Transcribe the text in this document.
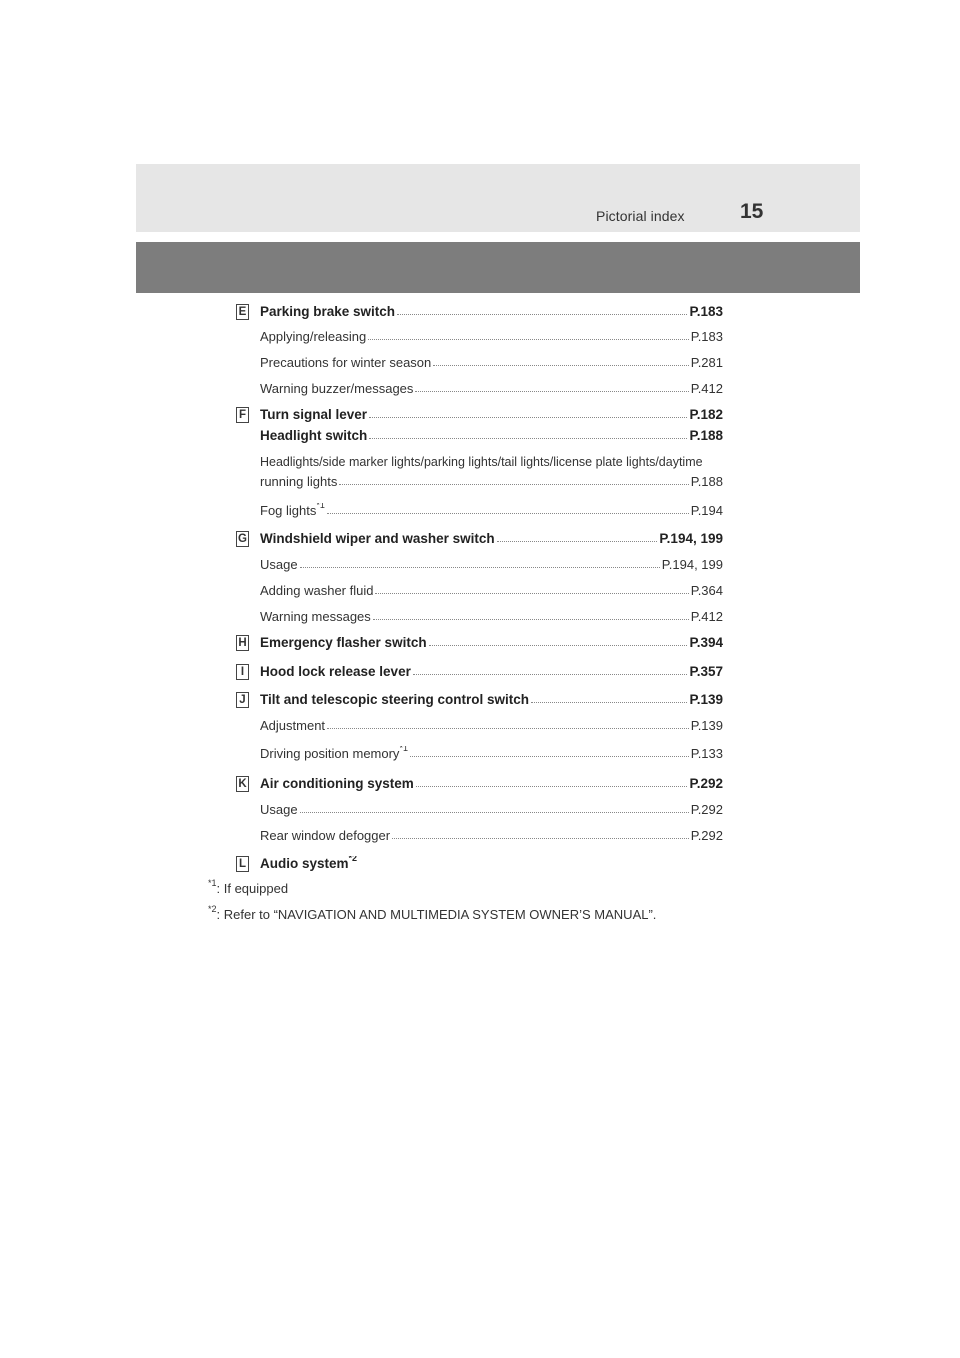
Pictorial index	15
E Parking brake switch	P.183
Applying/releasing	P.183
Precautions for winter season	P.281
Warning buzzer/messages	P.412
F Turn signal lever	P.182
Headlight switch	P.188
Headlights/side marker lights/parking lights/tail lights/license plate lights/daytime
running lights	P.188
Fog lights$^{*1}$	P.194
G Windshield wiper and washer switch	P.194, 199
Usage	P.194, 199
Adding washer fluid	P.364
Warning messages	P.412
H Emergency flasher switch	P.394
I	Hood lock release lever	P.357
J Tilt and telescopic steering control switch	P.139
Adjustment	P.139
Driving position memory$^{*1}$	P.133
K Air conditioning system	P.292
Usage	P.292
Rear window defogger	P.292
L Audio system$^{*2}$
$^{*1}$: If equipped
$^{*2}$: Refer to “NAVIGATION AND MULTIMEDIA SYSTEM OWNER’S MANUAL”.
